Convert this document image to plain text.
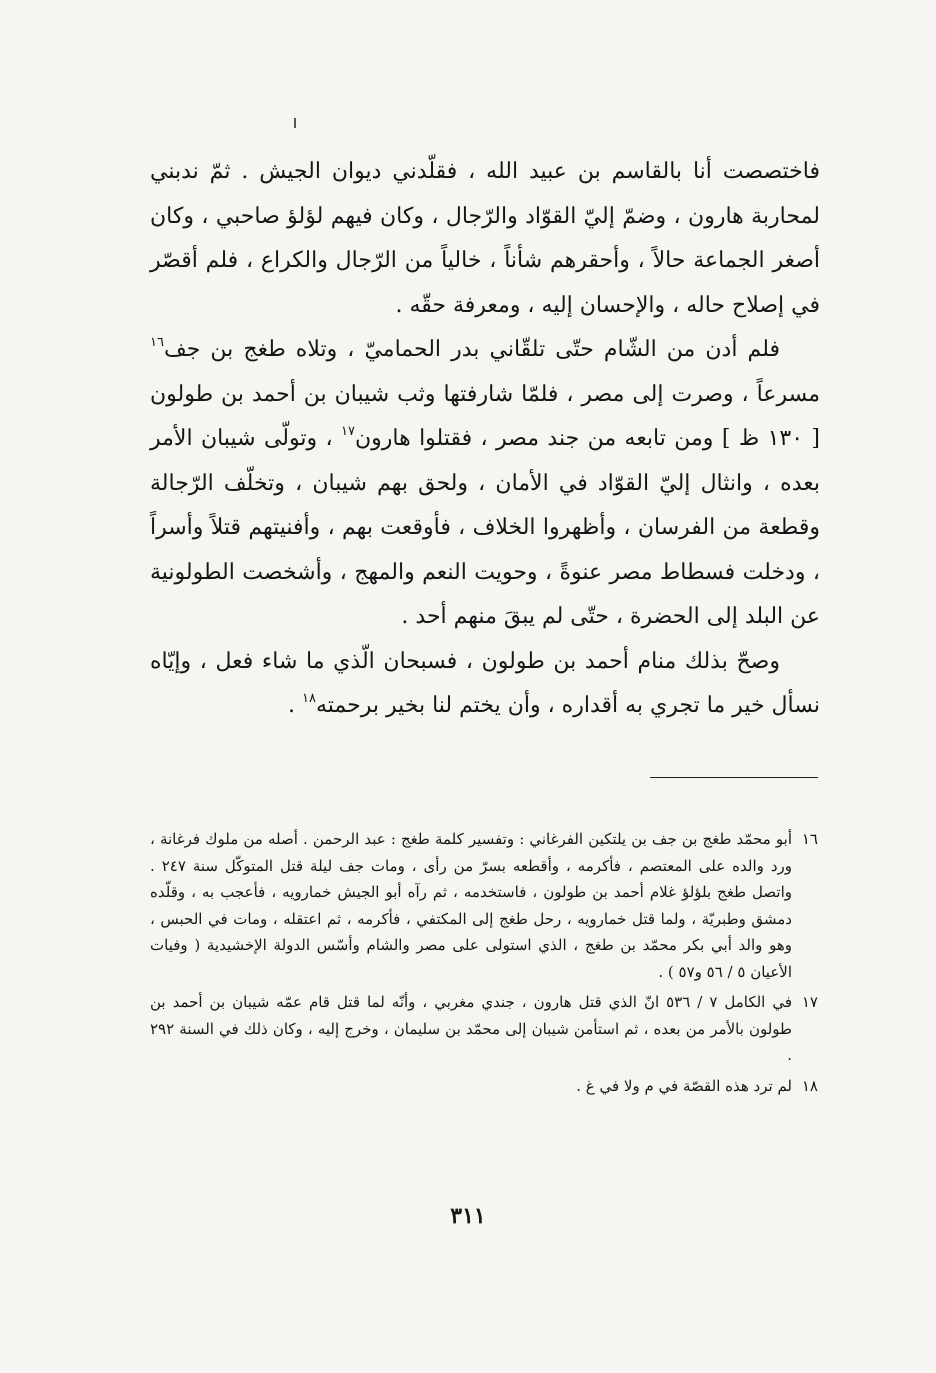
فاختصصت أنا بالقاسم بن عبيد الله ، فقلّدني ديوان الجيش . ثمّ ندبني لمحاربة هارون ، وضمّ إليّ القوّاد والرّجال ، وكان فيهم لؤلؤ صاحبي ، وكان أصغر الجماعة حالاً ، وأحقرهم شأناً ، خالياً من الرّجال والكراع ، فلم أقصّر في إصلاح حاله ، والإحسان إليه ، ومعرفة حقّه .

فلم أدن من الشّام حتّى تلقّاني بدر الحماميّ ، وتلاه طغج بن جف$^{١٦}$ مسرعاً ، وصرت إلى مصر ، فلمّا شارفتها وثب شيبان بن أحمد بن طولون [ ١٣٠ ظ ] ومن تابعه من جند مصر ، فقتلوا هارون$^{١٧}$ ، وتولّى شيبان الأمر بعده ، وانثال إليّ القوّاد في الأمان ، ولحق بهم شيبان ، وتخلّف الرّجالة وقطعة من الفرسان ، وأظهروا الخلاف ، فأوقعت بهم ، وأفنيتهم قتلاً وأسراً ، ودخلت فسطاط مصر عنوةً ، وحويت النعم والمهج ، وأشخصت الطولونية عن البلد إلى الحضرة ، حتّى لم يبقَ منهم أحد .

وصحّ بذلك منام أحمد بن طولون ، فسبحان الّذي ما شاء فعل ، وإيّاه نسأل خير ما تجري به أقداره ، وأن يختم لنا بخير برحمته$^{١٨}$ .

١٦
أبو محمّد طغج بن جف بن يلتكين الفرغاني : وتفسير كلمة طغج : عبد الرحمن . أصله من ملوك فرغانة ، ورد والده على المعتصم ، فأكرمه ، وأقطعه بسرّ من رأى ، ومات جف ليلة قتل المتوكّل سنة ٢٤٧ . واتصل طغج بلؤلؤ غلام أحمد بن طولون ، فاستخدمه ، ثم رآه أبو الجيش خمارويه ، فأعجب به ، وقلّده دمشق وطبريّة ، ولما قتل خمارويه ، رحل طغج إلى المكتفي ، فأكرمه ، ثم اعتقله ، ومات في الحبس ، وهو والد أبي بكر محمّد بن طغج ، الذي استولى على مصر والشام وأسّس الدولة الإخشيدية ( وفيات الأعيان ٥ / ٥٦ و٥٧ ) .
١٧
في الكامل ٧ / ٥٣٦ انّ الذي قتل هارون ، جندي مغربي ، وأنّه لما قتل قام عمّه شيبان بن أحمد بن طولون بالأمر من بعده ، ثم استأمن شيبان إلى محمّد بن سليمان ، وخرج إليه ، وكان ذلك في السنة ٢٩٢ .
١٨
لم ترد هذه القصّة في م ولا في غ .
٣١١
